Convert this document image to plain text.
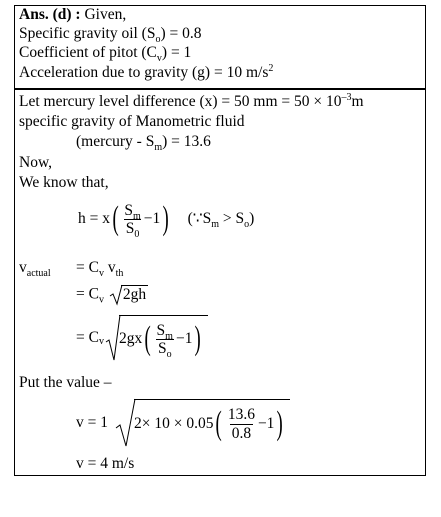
Ans. (d) : Given,
Specific gravity oil $(S_o) = 0.8$
Coefficient of pitot $(C_v) = 1$
Acceleration due to gravity (g) = 10 $m/s^2$
Let mercury level difference (x) = 50 mm = $50 \times 10^{-3}m$
specific gravity of Manometric fluid
(mercury - $S_m) = 13.6$
Now,
We know that,
h = x ( $\frac{S_m}{S_0} -1$ ) $(\because S_m > S_o)$
$v_{actual} = C_v$ $v_{th}$
= $C_v$ 2gh
= C v 2gx ( $\frac{S_m}{S_o} -1$ )
Put the value –
v = 1 2× 10 × 0.05 ( $\frac{13.6}{0.8} -1$ )
v = 4 m/s
